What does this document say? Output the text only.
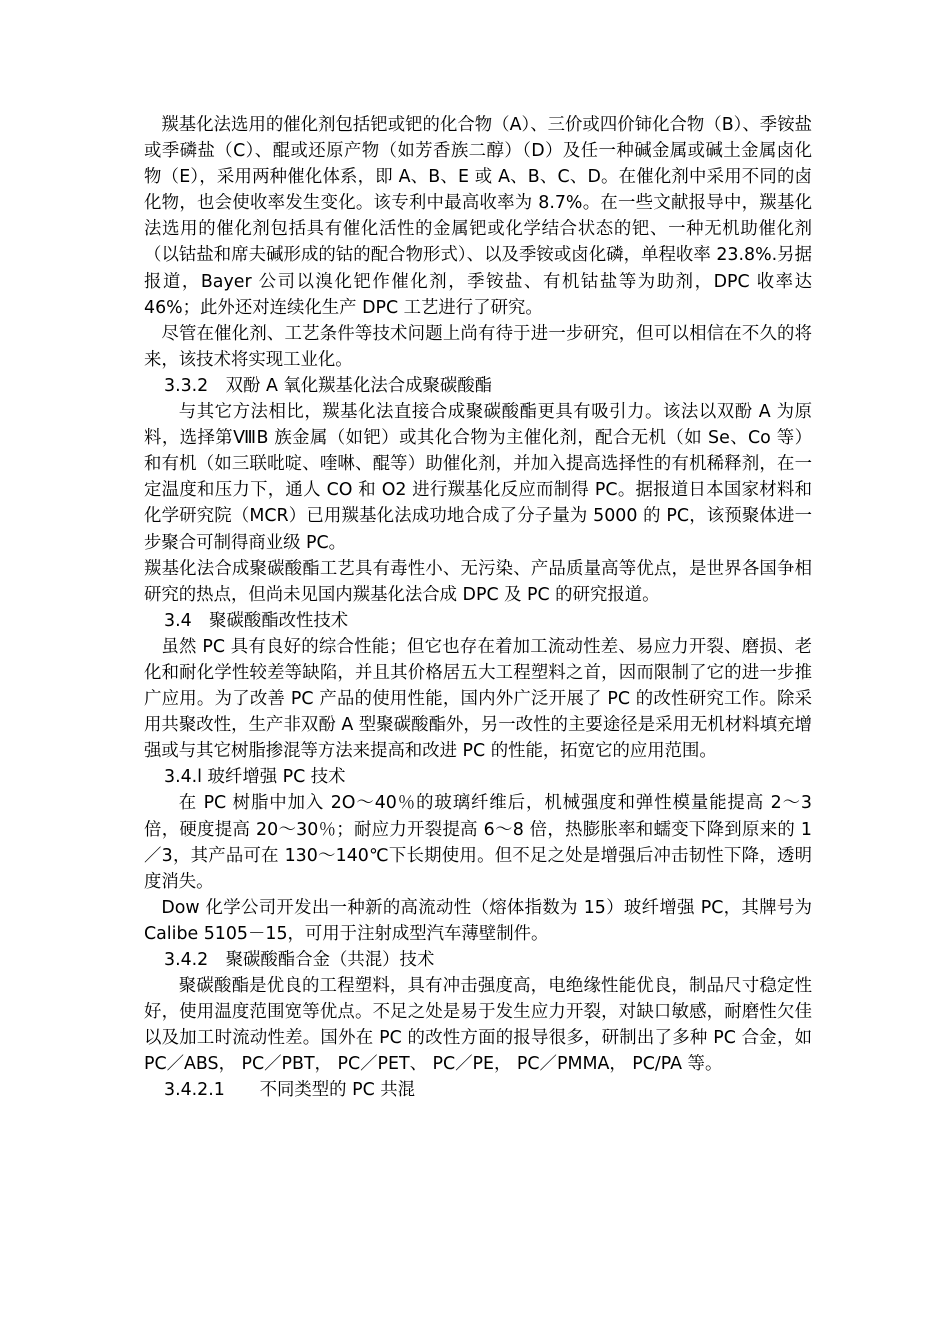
羰基化法选用的催化剂包括钯或钯的化合物（A）、三价或四价铈化合物（B）、季铵盐或季磷盐（C）、醌或还原产物（如芳香族二醇）（D）及任一种碱金属或碱土金属卤化物（E），采用两种催化体系，即 A、B、E 或 A、B、C、D。在催化剂中采用不同的卤化物，也会使收率发生变化。该专利中最高收率为 8.7%。在一些文献报导中，羰基化法选用的催化剂包括具有催化活性的金属钯或化学结合状态的钯、一种无机助催化剂（以钴盐和席夫碱形成的钴的配合物形式）、以及季铵或卤化磷，单程收率 23.8%.另据报道，Bayer 公司以溴化钯作催化剂，季铵盐、有机钴盐等为助剂，DPC 收率达 46%；此外还对连续化生产 DPC 工艺进行了研究。

尽管在催化剂、工艺条件等技术问题上尚有待于进一步研究，但可以相信在不久的将来，该技术将实现工业化。

3.3.2　双酚 A 氧化羰基化法合成聚碳酸酯

与其它方法相比，羰基化法直接合成聚碳酸酯更具有吸引力。该法以双酚 A 为原料，选择第ⅧB 族金属（如钯）或其化合物为主催化剂，配合无机（如 Se、Co 等）和有机（如三联吡啶、喹啉、醌等）助催化剂，并加入提高选择性的有机稀释剂，在一定温度和压力下，通人 CO 和 O2 进行羰基化反应而制得 PC。据报道日本国家材料和化学研究院（MCR）已用羰基化法成功地合成了分子量为 5000 的 PC，该预聚体进一步聚合可制得商业级 PC。

羰基化法合成聚碳酸酯工艺具有毒性小、无污染、产品质量高等优点，是世界各国争相研究的热点，但尚未见国内羰基化法合成 DPC 及 PC 的研究报道。

3.4　聚碳酸酯改性技术

虽然 PC 具有良好的综合性能；但它也存在着加工流动性差、易应力开裂、磨损、老化和耐化学性较差等缺陷，并且其价格居五大工程塑料之首，因而限制了它的进一步推广应用。为了改善 PC 产品的使用性能，国内外广泛开展了 PC 的改性研究工作。除采用共聚改性，生产非双酚 A 型聚碳酸酯外，另一改性的主要途径是采用无机材料填充增强或与其它树脂掺混等方法来提高和改进 PC 的性能，拓宽它的应用范围。

3.4.l 玻纤增强 PC 技术

在 PC 树脂中加入 2O～40％的玻璃纤维后，机械强度和弹性模量能提高 2～3 倍，硬度提高 20～30％；耐应力开裂提高 6～8 倍，热膨胀率和蠕变下降到原来的 1／3，其产品可在 130～140℃下长期使用。但不足之处是增强后冲击韧性下降，透明度消失。

Dow 化学公司开发出一种新的高流动性（熔体指数为 15）玻纤增强 PC，其牌号为 Calibe 5105－15，可用于注射成型汽车薄壁制件。

3.4.2　聚碳酸酯合金（共混）技术

聚碳酸酯是优良的工程塑料，具有冲击强度高，电绝缘性能优良，制品尺寸稳定性好，使用温度范围宽等优点。不足之处是易于发生应力开裂，对缺口敏感，耐磨性欠佳以及加工时流动性差。国外在 PC 的改性方面的报导很多，研制出了多种 PC 合金，如 PC／ABS， PC／PBT， PC／PET、 PC／PE， PC／PMMA， PC/PA 等。

3.4.2.1　　不同类型的 PC 共混
